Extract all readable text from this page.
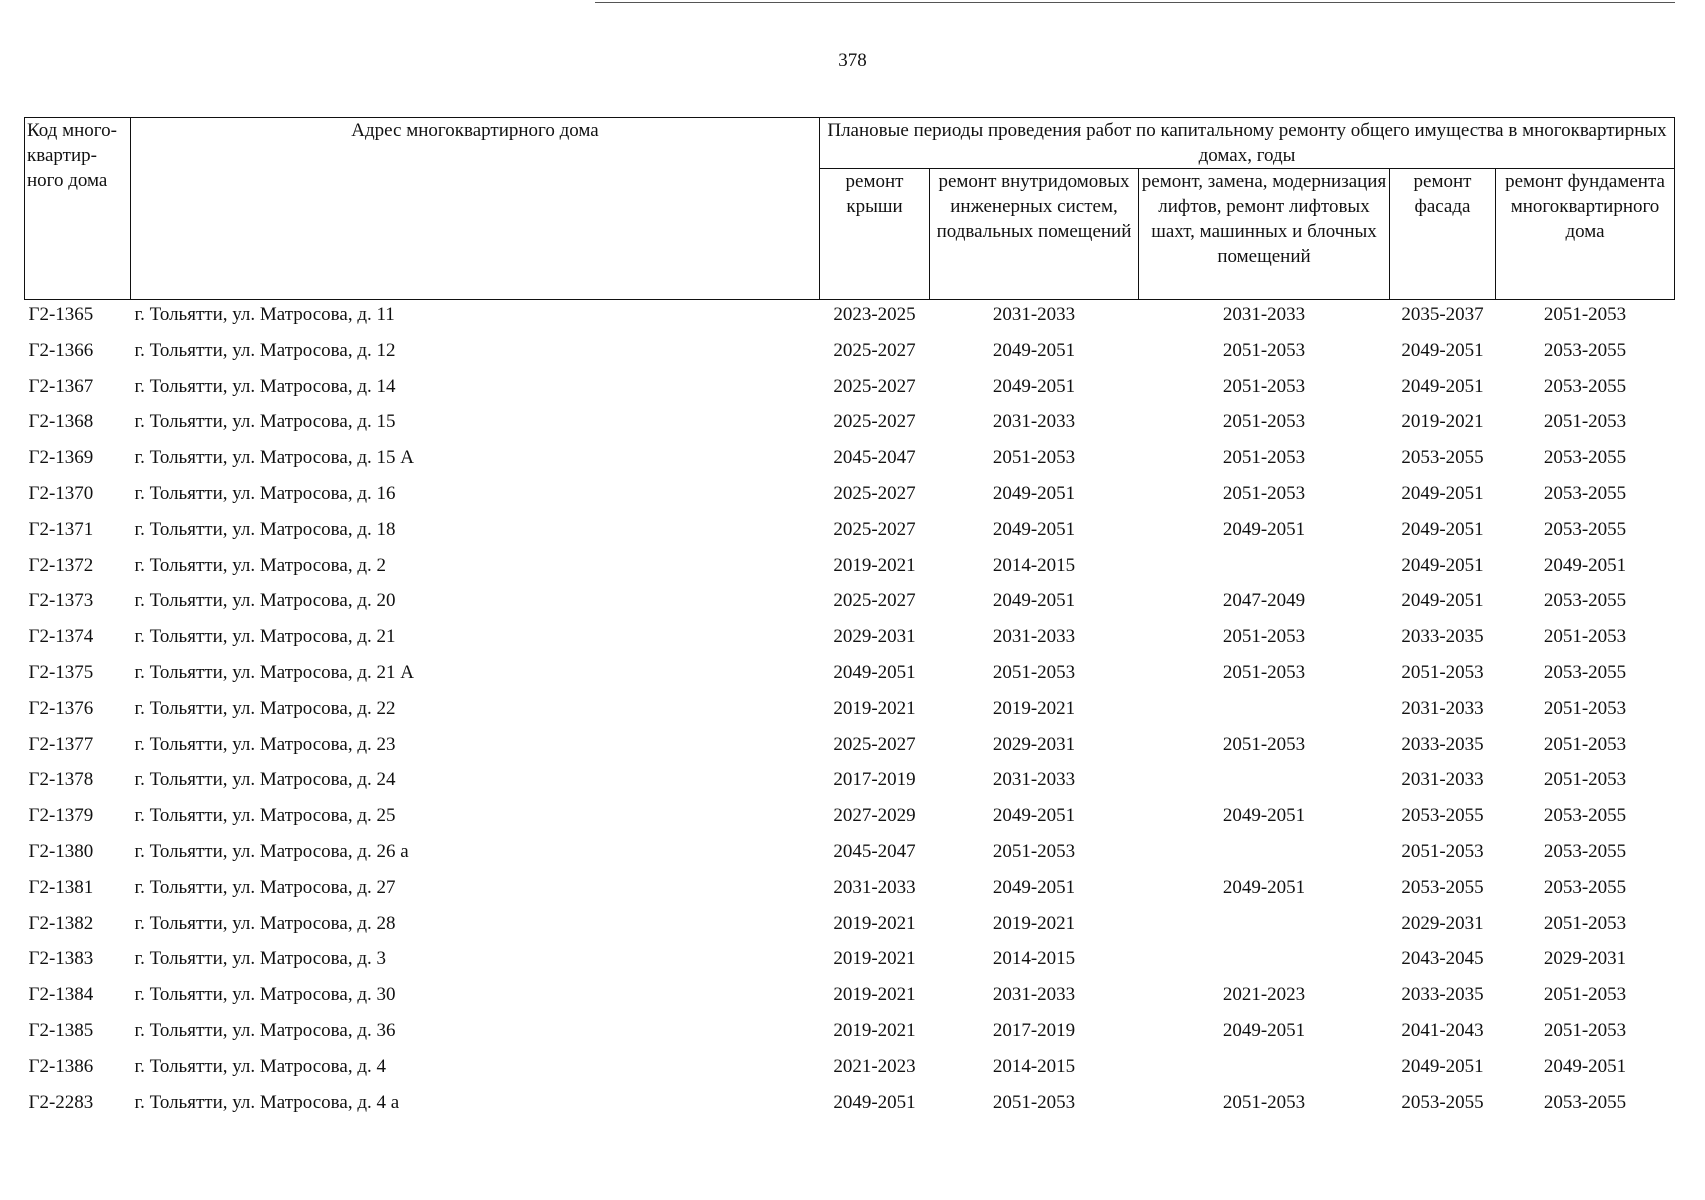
378
Код много-квартир-ного дома	Адрес многоквартирного дома	Плановые периоды проведения работ по капитальному ремонту общего имущества в многоквартирных домах, годы				
		ремонт крыши	ремонт внутридомовых инженерных систем, подвальных помещений	ремонт, замена, модернизация лифтов, ремонт лифтовых шахт, машинных и блочных помещений	ремонт фасада	ремонт фундамента многоквартирного дома
Г2-1365	г. Тольятти, ул. Матросова, д. 11	2023-2025	2031-2033	2031-2033	2035-2037	2051-2053
Г2-1366	г. Тольятти, ул. Матросова, д. 12	2025-2027	2049-2051	2051-2053	2049-2051	2053-2055
Г2-1367	г. Тольятти, ул. Матросова, д. 14	2025-2027	2049-2051	2051-2053	2049-2051	2053-2055
Г2-1368	г. Тольятти, ул. Матросова, д. 15	2025-2027	2031-2033	2051-2053	2019-2021	2051-2053
Г2-1369	г. Тольятти, ул. Матросова, д. 15 А	2045-2047	2051-2053	2051-2053	2053-2055	2053-2055
Г2-1370	г. Тольятти, ул. Матросова, д. 16	2025-2027	2049-2051	2051-2053	2049-2051	2053-2055
Г2-1371	г. Тольятти, ул. Матросова, д. 18	2025-2027	2049-2051	2049-2051	2049-2051	2053-2055
Г2-1372	г. Тольятти, ул. Матросова, д. 2	2019-2021	2014-2015		2049-2051	2049-2051
Г2-1373	г. Тольятти, ул. Матросова, д. 20	2025-2027	2049-2051	2047-2049	2049-2051	2053-2055
Г2-1374	г. Тольятти, ул. Матросова, д. 21	2029-2031	2031-2033	2051-2053	2033-2035	2051-2053
Г2-1375	г. Тольятти, ул. Матросова, д. 21 А	2049-2051	2051-2053	2051-2053	2051-2053	2053-2055
Г2-1376	г. Тольятти, ул. Матросова, д. 22	2019-2021	2019-2021		2031-2033	2051-2053
Г2-1377	г. Тольятти, ул. Матросова, д. 23	2025-2027	2029-2031	2051-2053	2033-2035	2051-2053
Г2-1378	г. Тольятти, ул. Матросова, д. 24	2017-2019	2031-2033		2031-2033	2051-2053
Г2-1379	г. Тольятти, ул. Матросова, д. 25	2027-2029	2049-2051	2049-2051	2053-2055	2053-2055
Г2-1380	г. Тольятти, ул. Матросова, д. 26 а	2045-2047	2051-2053		2051-2053	2053-2055
Г2-1381	г. Тольятти, ул. Матросова, д. 27	2031-2033	2049-2051	2049-2051	2053-2055	2053-2055
Г2-1382	г. Тольятти, ул. Матросова, д. 28	2019-2021	2019-2021		2029-2031	2051-2053
Г2-1383	г. Тольятти, ул. Матросова, д. 3	2019-2021	2014-2015		2043-2045	2029-2031
Г2-1384	г. Тольятти, ул. Матросова, д. 30	2019-2021	2031-2033	2021-2023	2033-2035	2051-2053
Г2-1385	г. Тольятти, ул. Матросова, д. 36	2019-2021	2017-2019	2049-2051	2041-2043	2051-2053
Г2-1386	г. Тольятти, ул. Матросова, д. 4	2021-2023	2014-2015		2049-2051	2049-2051
Г2-2283	г. Тольятти, ул. Матросова, д. 4 а	2049-2051	2051-2053	2051-2053	2053-2055	2053-2055
